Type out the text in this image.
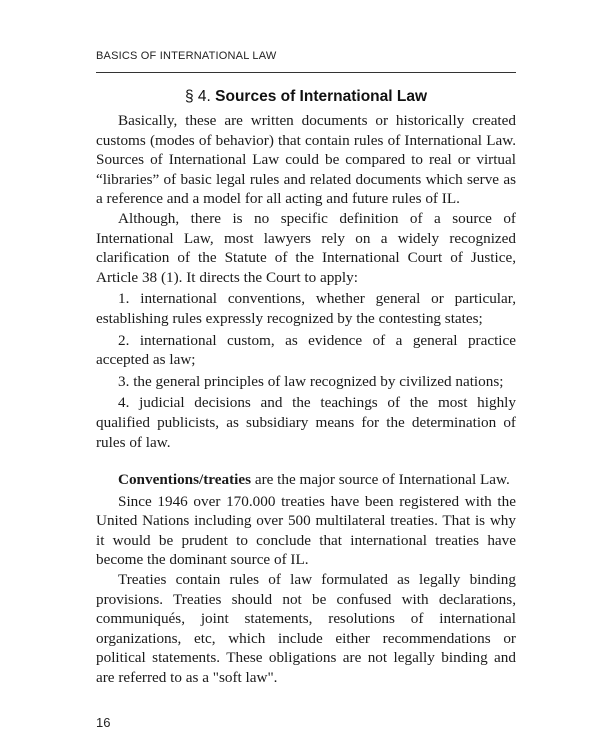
BASICS OF INTERNATIONAL LAW
§ 4. Sources of International Law

Basically, these are written documents or historically created customs (modes of behavior) that contain rules of International Law. Sources of International Law could be compared to real or virtual “libraries” of basic legal rules and related documents which serve as a reference and a model for all acting and future rules of IL.

Although, there is no specific definition of a source of International Law, most lawyers rely on a widely recognized clarification of the Statute of the International Court of Justice, Article 38 (1). It directs the Court to apply:

1. international conventions, whether general or particular, establishing rules expressly recognized by the contesting states;

2. international custom, as evidence of a general practice accepted as law;

3. the general principles of law recognized by civilized nations;

4. judicial decisions and the teachings of the most highly qualified publicists, as subsidiary means for the determination of rules of law.

Conventions/treaties are the major source of International Law.

Since 1946 over 170.000 treaties have been registered with the United Nations including over 500 multilateral treaties. That is why it would be prudent to conclude that international treaties have become the dominant source of IL.

Treaties contain rules of law formulated as legally binding provisions. Treaties should not be confused with declarations, communiqués, joint statements, resolutions of international organizations, etc, which include either recommendations or political statements. These obligations are not legally binding and are referred to as a "soft law".

16
